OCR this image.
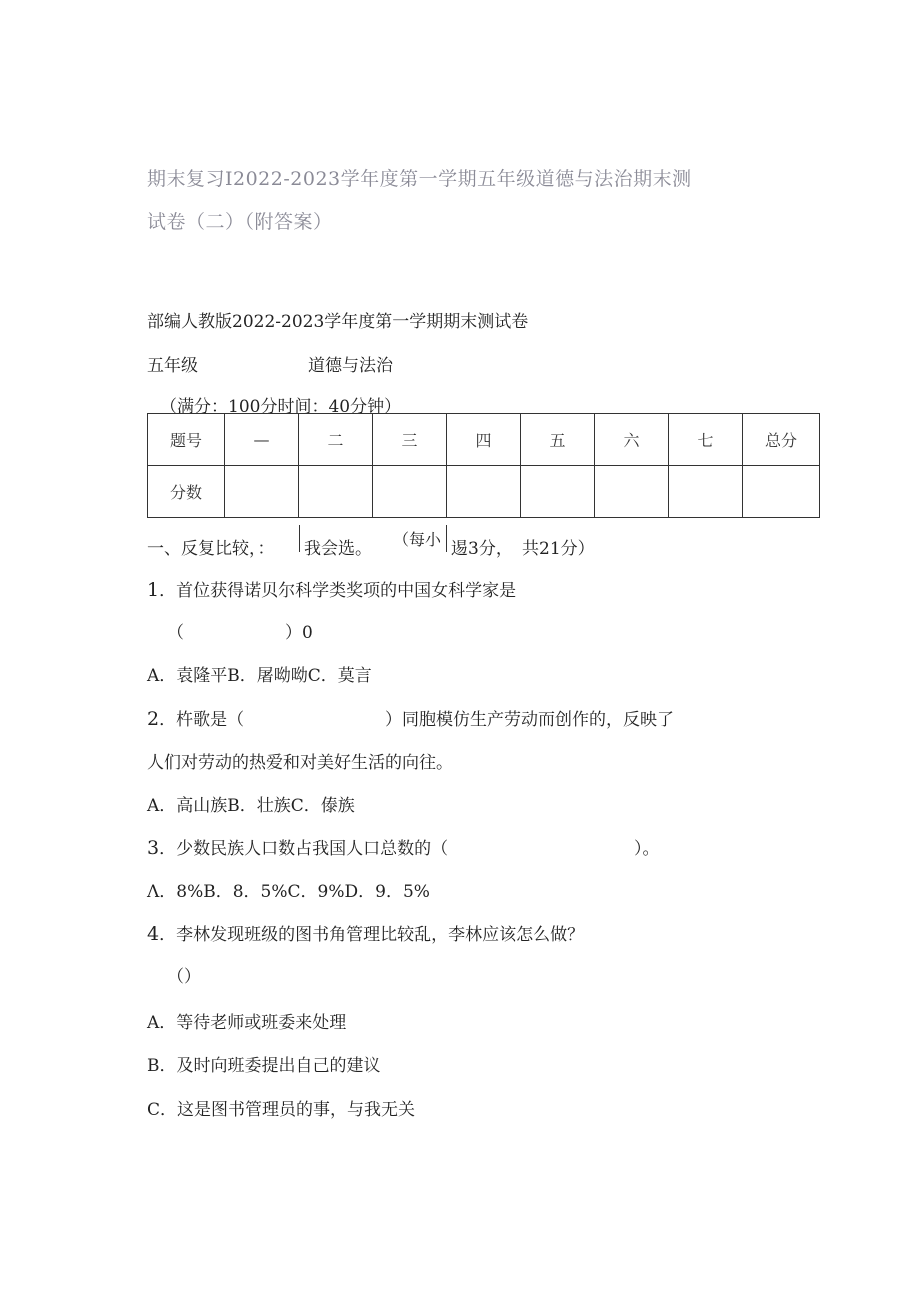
期末复习I2022-2023学年度第一学期五年级道德与法治期末测
试卷（二）（附答案）
部编人教版2022-2023学年度第一学期期末测试卷
五年级	道德与法治
（满分：100分时间：40分钟）
题号	—	二	三	四	五	六	七	总分
分数								
一、反复比较，： 我会选。 （每小 逷3分， 共21分）
1．首位获得诺贝尔科学类奖项的中国女科学家是
（	）0
A．袁隆平B．屠呦呦C．莫言
2．杵歌是（	）同胞模仿生产劳动而创作的，反映了
人们对劳动的热爱和对美好生活的向往。
A．高山族B．壮族C．傣族
3．少数民族人口数占我国人口总数的（	）。
Λ．8%B．8．5%C．9%D．9．5%
4．李林发现班级的图书角管理比较乱，李林应该怎么做？
（）
A．等待老师或班委来处理
B．及时向班委提出自己的建议
C．这是图书管理员的事，与我无关
